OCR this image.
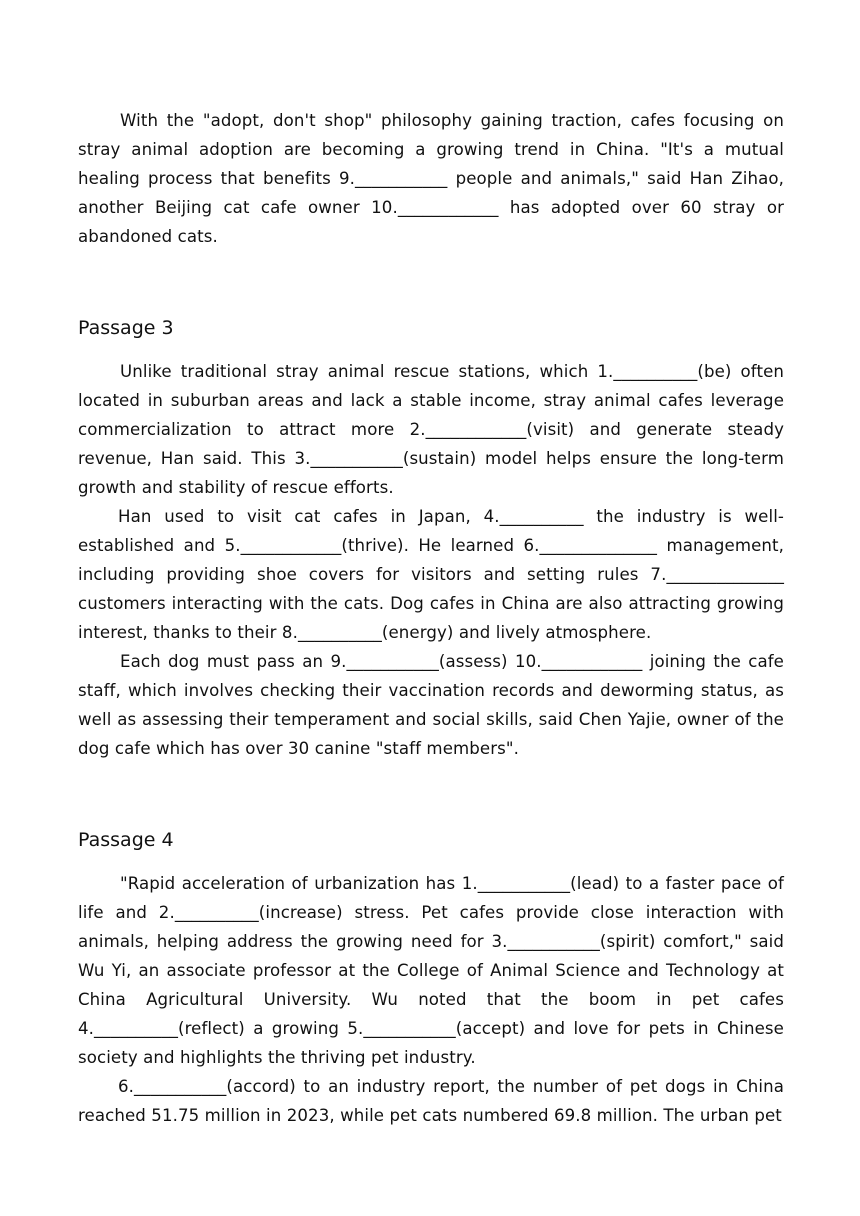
With the "adopt, don't shop" philosophy gaining traction, cafes focusing on stray animal adoption are becoming a growing trend in China. "It's a mutual healing process that benefits 9.___________ people and animals," said Han Zihao, another Beijing cat cafe owner 10.____________ has adopted over 60 stray or abandoned cats.

Passage 3

Unlike traditional stray animal rescue stations, which 1.__________(be) often located in suburban areas and lack a stable income, stray animal cafes leverage commercialization to attract more 2.____________(visit) and generate steady revenue, Han said. This 3.___________(sustain) model helps ensure the long-term growth and stability of rescue efforts.

Han used to visit cat cafes in Japan, 4.__________ the industry is well-established and 5.____________(thrive). He learned 6.______________ management, including providing shoe covers for visitors and setting rules 7.______________ customers interacting with the cats. Dog cafes in China are also attracting growing interest, thanks to their 8.__________(energy) and lively atmosphere.

Each dog must pass an 9.___________(assess) 10.____________ joining the cafe staff, which involves checking their vaccination records and deworming status, as well as assessing their temperament and social skills, said Chen Yajie, owner of the dog cafe which has over 30 canine "staff members".

Passage 4

"Rapid acceleration of urbanization has 1.___________(lead) to a faster pace of life and 2.__________(increase) stress. Pet cafes provide close interaction with animals, helping address the growing need for 3.___________(spirit) comfort," said Wu Yi, an associate professor at the College of Animal Science and Technology at China Agricultural University. Wu noted that the boom in pet cafes 4.__________(reflect) a growing 5.___________(accept) and love for pets in Chinese society and highlights the thriving pet industry.

6.___________(accord) to an industry report, the number of pet dogs in China reached 51.75 million in 2023, while pet cats numbered 69.8 million. The urban pet
